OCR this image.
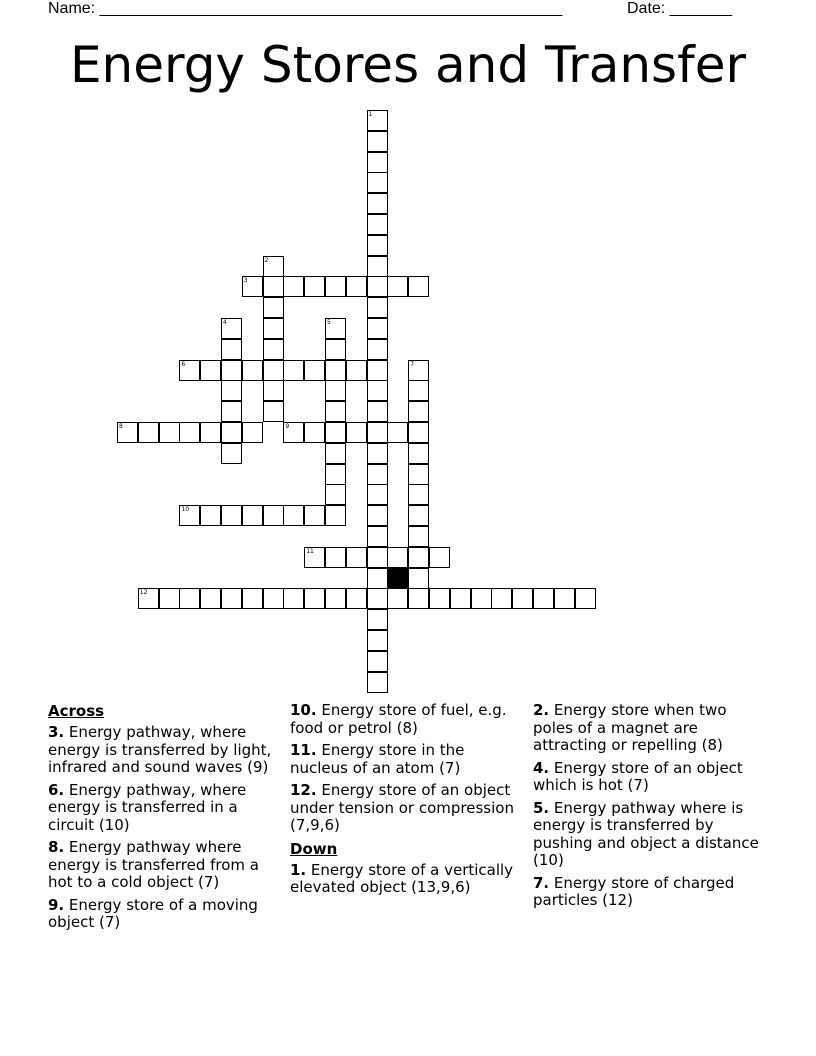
Name: ____________________________________________________	Date: _______
Energy Stores and Transfer
1
2
3
4	5
6	7
8	9
10
11
12
Across
3. Energy pathway, where energy is transferred by light, infrared and sound waves (9)
6. Energy pathway, where energy is transferred in a circuit (10)
8. Energy pathway where energy is transferred from a hot to a cold object (7)
9. Energy store of a moving object (7)
10. Energy store of fuel, e.g. food or petrol (8)
11. Energy store in the nucleus of an atom (7)
12. Energy store of an object under tension or compression (7,9,6)
Down
1. Energy store of a vertically elevated object (13,9,6)
2. Energy store when two poles of a magnet are attracting or repelling (8)
4. Energy store of an object which is hot (7)
5. Energy pathway where is energy is transferred by pushing and object a distance (10)
7. Energy store of charged particles (12)
